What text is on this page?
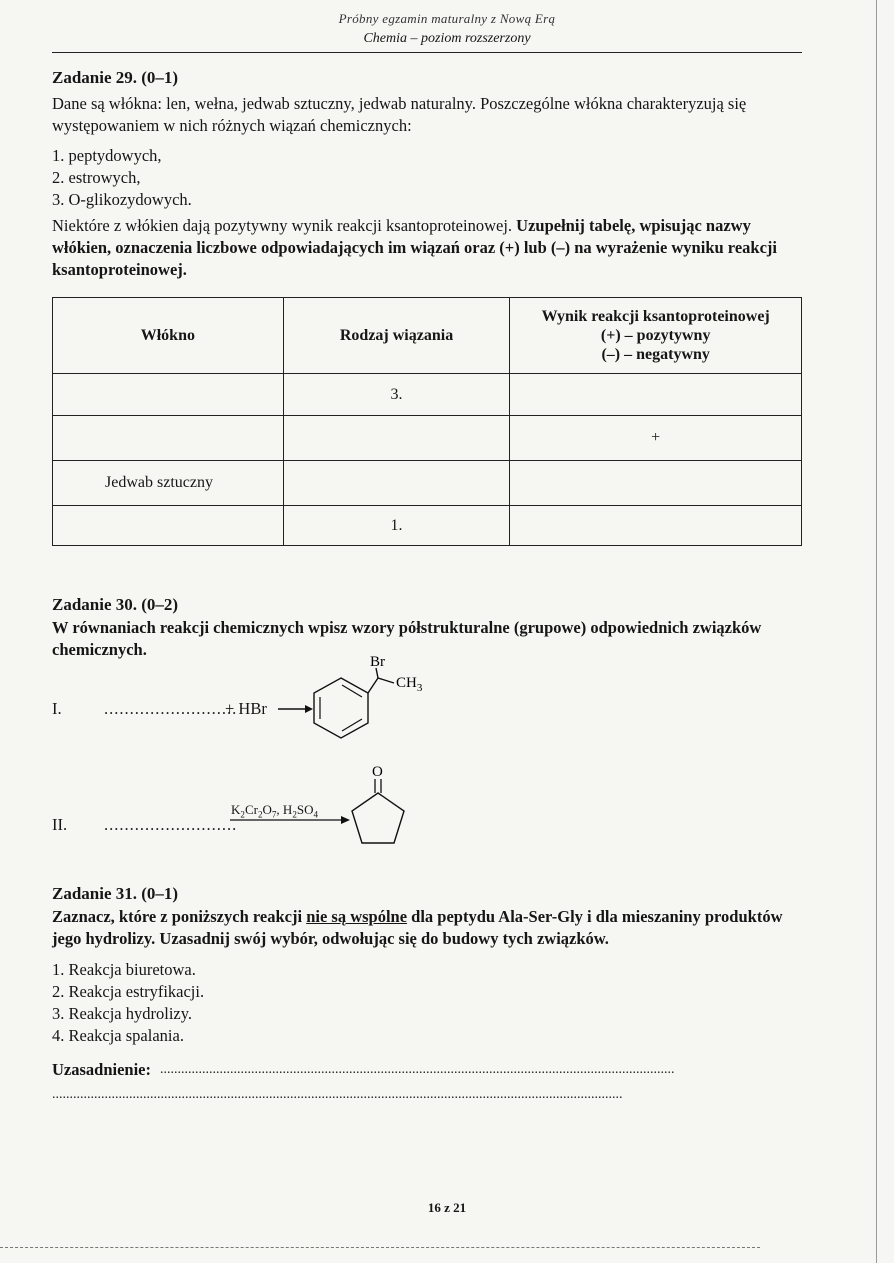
Próbny egzamin maturalny z Nową Erą
Chemia – poziom rozszerzony
Zadanie 29. (0–1)
Dane są włókna: len, wełna, jedwab sztuczny, jedwab naturalny. Poszczególne włókna charakteryzują się występowaniem w nich różnych wiązań chemicznych:
1. peptydowych,
2. estrowych,
3. O-glikozydowych.
Niektóre z włókien dają pozytywny wynik reakcji ksantoproteinowej. Uzupełnij tabelę, wpisując nazwy włókien, oznaczenia liczbowe odpowiadających im wiązań oraz (+) lub (–) na wyrażenie wyniku reakcji ksantoproteinowej.
Włókno	Rodzaj wiązania	Wynik reakcji ksantoproteinowej
(+) – pozytywny
(–) – negatywny

	3.	
		+
Jedwab sztuczny		
	1.	
Zadanie 30. (0–2)
W równaniach reakcji chemicznych wpisz wzory półstrukturalne (grupowe) odpowiednich związków chemicznych.
I.	..........................
+ HBr
Br
$CH_3$
II. ..........................
$K_2Cr_2O_7$, $H_2SO_4$
O
Zadanie 31. (0–1)
Zaznacz, które z poniższych reakcji nie są wspólne dla peptydu Ala-Ser-Gly i dla mieszaniny produktów jego hydrolizy. Uzasadnij swój wybór, odwołując się do budowy tych związków.
1. Reakcja biuretowa.
2. Reakcja estryfikacji.
3. Reakcja hydrolizy.
4. Reakcja spalania.
Uzasadnienie: ...................................................................................................................................................
...................................................................................................................................................................
16 z 21
